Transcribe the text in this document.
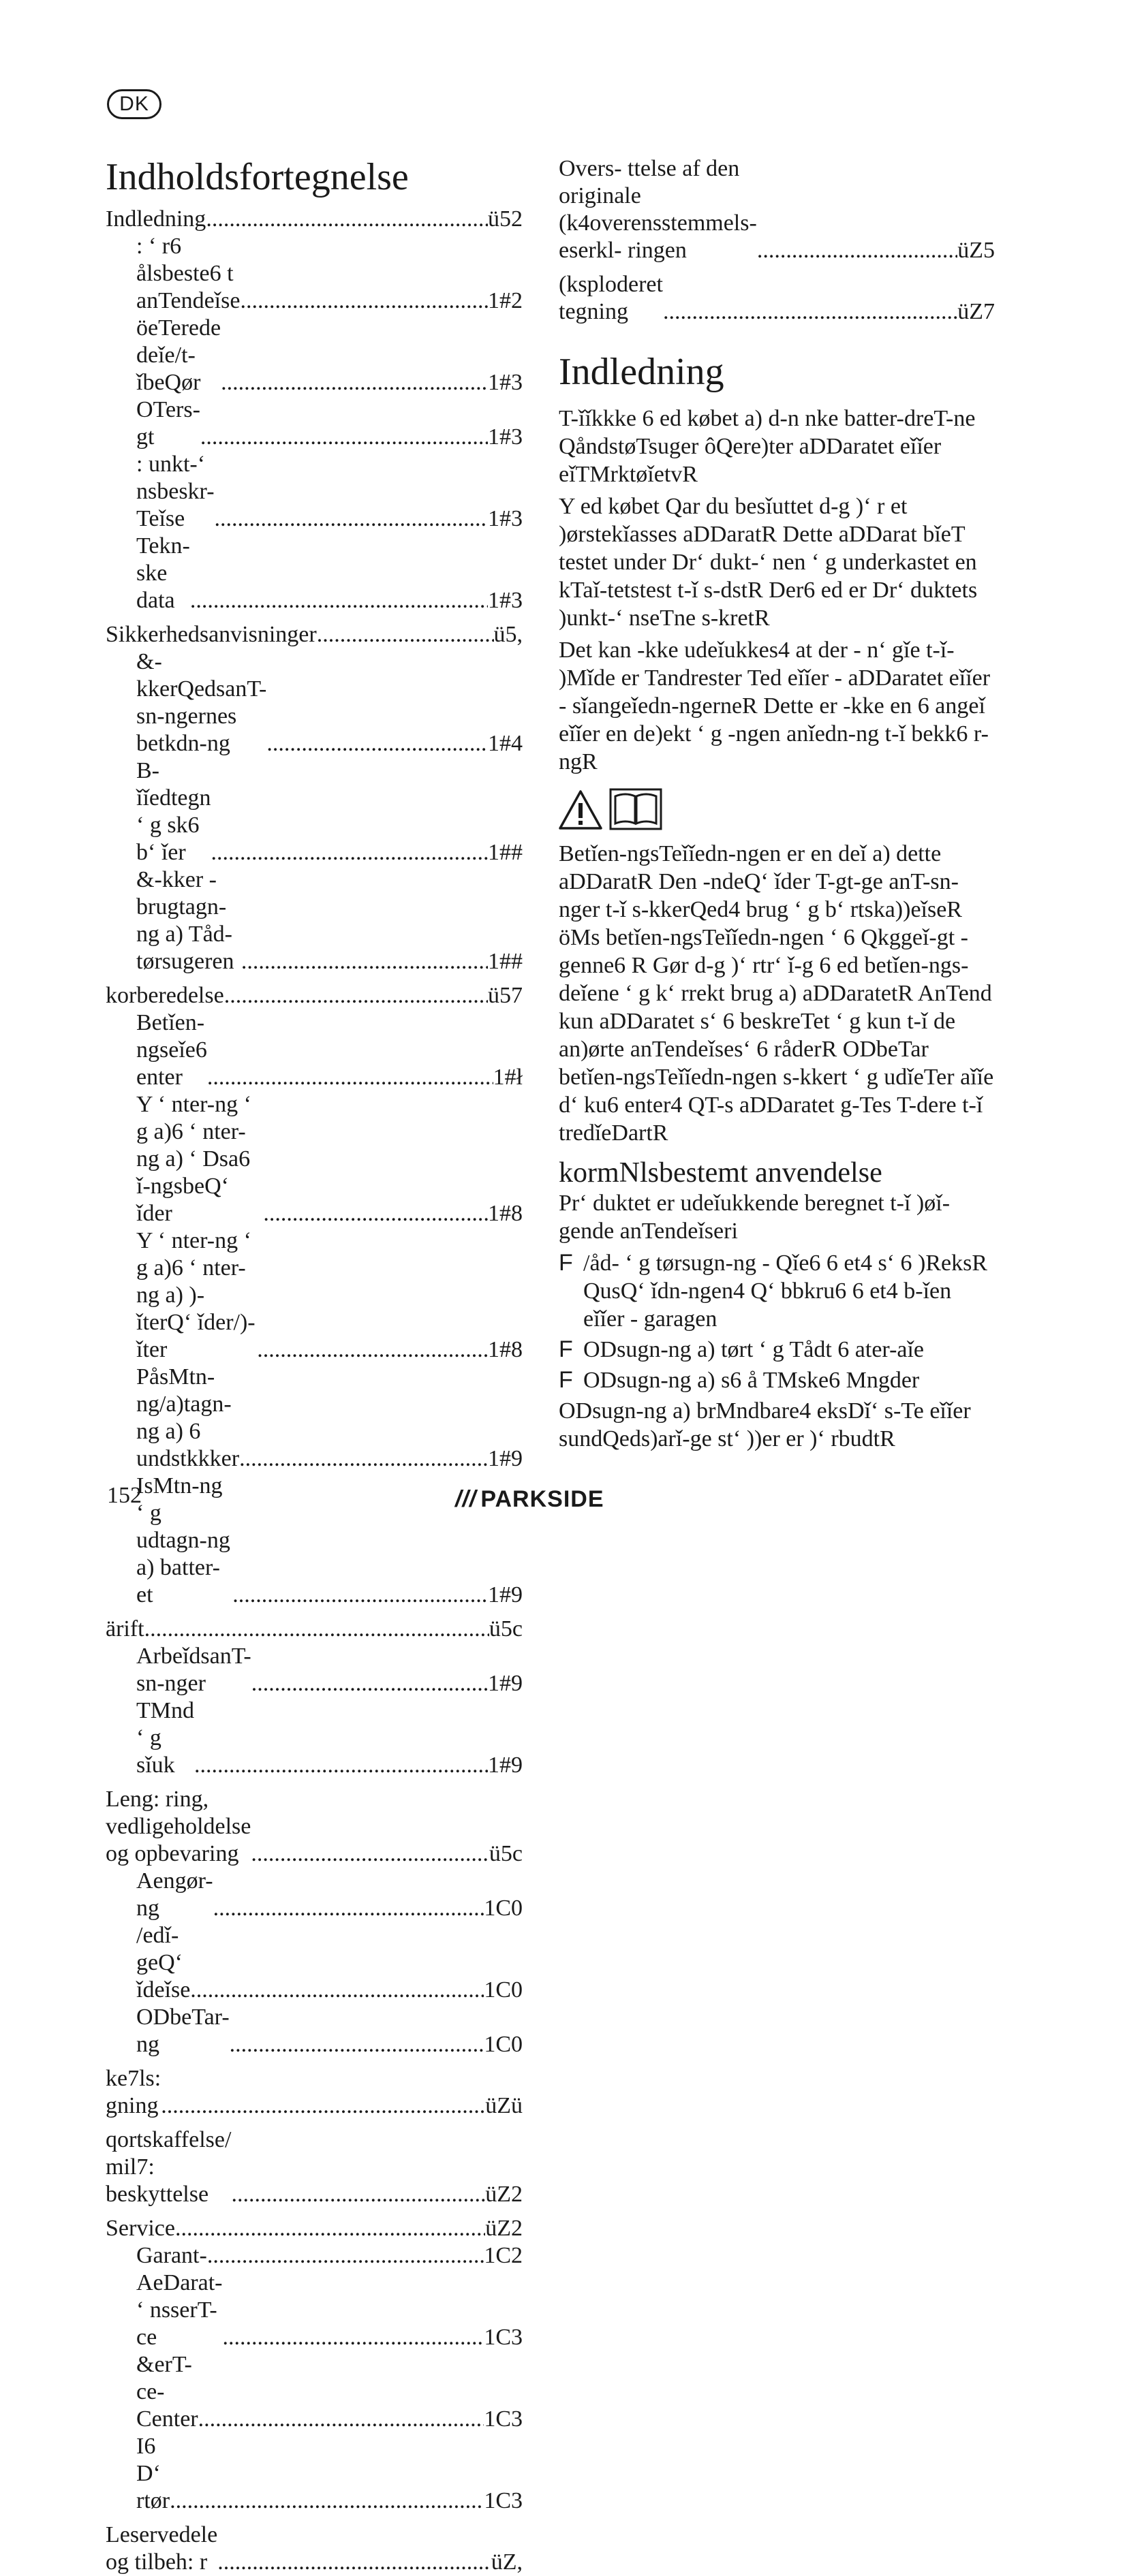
DK
Indholdsfortegnelse
Indledning .....	ü52
: ʻ r6 ålsbeste6 t anTendeǐse .....	1#2
öeTerede deǐe/t-ǐbeQør .....	1#3
OTers-gt .....	1#3
: unkt-ʻ nsbeskr-Teǐse .....	1#3
Tekn-ske data .....	1#3
Sikkerhedsanvisninger .....	ü5,
&-kkerQedsanT-sn-ngernes betkdn-ng .....	1#4
B-ǐǐedtegn ʻ g sk6 bʻ ǐer .....	1##
&-kker -brugtagn-ng a) Tåd-tørsugeren .....	1##
korberedelse .....	ü57
Betǐen-ngseǐe6 enter .....	1#ł
Y ʻ nter-ng ʻ g a)6 ʻ nter-ng a) ʻ Dsa6 ǐ-ngsbeQʻ ǐder .....	1#8
Y ʻ nter-ng ʻ g a)6 ʻ nter-ng a) )-ǐterQʻ ǐder/)-ǐter .....	1#8
PåsMtn-ng/a)tagn-ng a) 6 undstkkker .....	1#9
IsMtn-ng ʻ g udtagn-ng a) batter-et .....	1#9
ärift .....	ü5c
ArbeǐdsanT-sn-nger .....	1#9
TMnd ʻ g sǐuk .....	1#9
Leng: ring, vedligeholdelse og opbevaring .....	ü5c
Aengør-ng .....	1C0
/edǐ-geQʻ ǐdeǐse .....	1C0
ODbeTar-ng .....	1C0
ke7ls: gning .....	üZü
qortskaffelse/ mil7: beskyttelse .....	üZ2
Service .....	üZ2
Garant- .....	1C2
AeDarat-ʻ nsserT-ce .....	1C3
&erT-ce-Center .....	1C3
I6 Dʻ rtør .....	1C3
Leservedele og tilbeh: r .....	üZ,
Overs- ttelse af den originale (k4overensstemmels- eserkl- ringen .....	üZ5
(ksploderet tegning .....	üZ7
Indledning

T-ǐǐkkke 6 ed købet a) d-n nke batter-dreT-ne QåndstøTsuger ôQere)ter aDDaratet eǐǐer eǐTMrktøǐetvR

Y ed købet Qar du besǐuttet d-g )ʻ r et )ørstekǐasses aDDaratR Dette aDDarat bǐeT testet under Drʻ dukt-ʻ nen ʻ g underkastet en kTaǐ-tetstest t-ǐ s-dstR Der6 ed er Drʻ duktets )unkt-ʻ nseTne s-kretR

Det kan -kke udeǐukkes4 at der - nʻ gǐe t-ǐ- )Mǐde er Tandrester Ted eǐǐer - aDDaratet eǐǐer - sǐangeǐedn-ngerneR Dette er -kke en 6 angeǐ eǐǐer en de)ekt ʻ g -ngen anǐedn-ng t-ǐ bekk6 r-ngR

Betǐen-ngsTeǐǐedn-ngen er en deǐ a) dette aDDaratR Den -ndeQʻ ǐder T-gt-ge anT-sn-nger t-ǐ s-kkerQed4 brug ʻ g bʻ rtska))eǐseR öMs betǐen-ngsTeǐǐedn-ngen ʻ 6 Qkggeǐ-gt -genne6 R Gør d-g )ʻ rtrʻ ǐ-g 6 ed betǐen-ngsdeǐene ʻ g kʻ rrekt brug a) aDDaratetR AnTend kun aDDaratet sʻ 6 beskreTet ʻ g kun t-ǐ de an)ørte anTendeǐsesʻ 6 råderR ODbeTar betǐen-ngsTeǐǐedn-ngen s-kkert ʻ g udǐeTer aǐǐe dʻ ku6 enter4 QT-s aDDaratet g-Tes T-dere t-ǐ tredǐeDartR

kormNlsbestemt anvendelse

Prʻ duktet er udeǐukkende beregnet t-ǐ )øǐgende anTendeǐseri

F /åd- ʻ g tørsugn-ng - Qǐe6 6 et4 sʻ 6 )ReksR QusQʻ ǐdn-ngen4 Qʻ bbkru6 6 et4 b-ǐen eǐǐer - garagen
F ODsugn-ng a) tørt ʻ g Tådt 6 ater-aǐe
F ODsugn-ng a) s6 å TMske6 Mngder

ODsugn-ng a) brMndbare4 eksDǐʻ s-Te eǐǐer sundQeds)arǐ-ge stʻ ))er er )ʻ rbudtR

152	/// PARKSIDE
